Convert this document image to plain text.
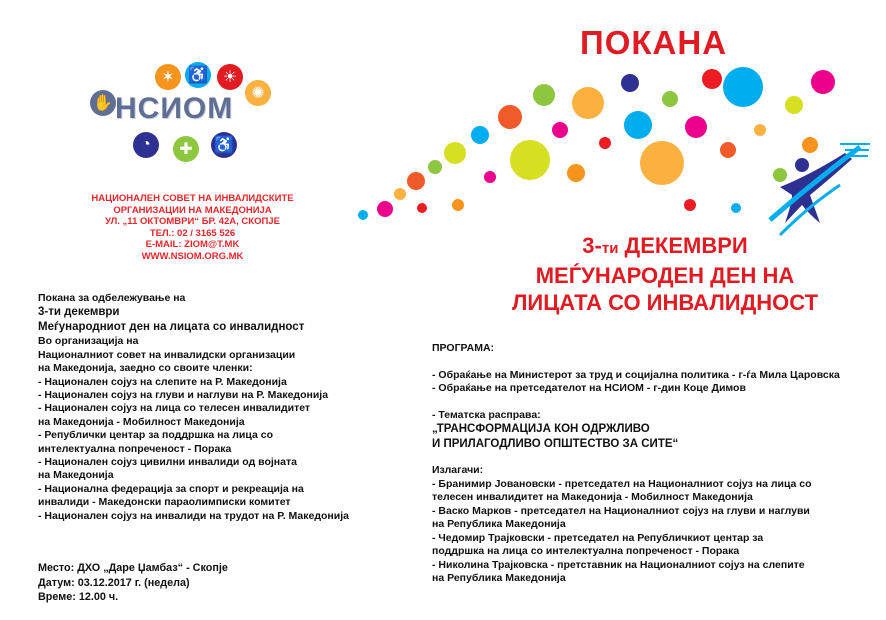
ПОКАНА
✶ ♿ ☀
✺
✋ НСИОМ
◔	✚	♿
НАЦИОНАЛЕН СОВЕТ НА ИНВАЛИДСКИТЕ
ОРГАНИЗАЦИИ НА МАКЕДОНИЈА
УЛ. „11 ОКТОМВРИ“ БР. 42А, СКОПЈЕ
ТЕЛ.: 02 / 3165 526
E-MAIL: ZIOM@T.MK
WWW.NSIOM.ORG.MK	3-ти ДЕКЕМВРИ
МЕЃУНАРОДЕН ДЕН НА
ЛИЦАТА СО ИНВАЛИДНОСТ
Покана за одбележување на
3-ти декември
Меѓународниот ден на лицата со инвалидност
Во организација на
Националниот совет на инвалидски организации
на Македонија, заедно со своите членки:
- Национален сојуз на слепите на Р. Македонија
- Национален сојуз на глуви и наглуви на Р. Македонија
- Национален сојуз на лица со телесен инвалидитет
на Македонија - Мобилност Македонија
- Републички центар за поддршка на лица со
интелектуална попреченост - Порака
- Национален сојуз цивилни инвалиди од војната
на Македонија
- Национална федерација за спорт и рекреација на
инвалиди - Македонски параолимписки комитет
- Национален сојуз на инвалиди на трудот на Р. Македонија
Место: ДХО „Даре Џамбаз“ - Скопје
Датум: 03.12.2017 г. (недела)
Време: 12.00 ч.
ПРОГРАМА:
- Обраќање на Министерот за труд и социјална политика - г-ѓа Мила Царовска
- Обраќање на претседателот на НСИОМ - г-дин Коце Димов
- Тематска расправа:
„ТРАНСФОРМАЦИЈА КОН ОДРЖЛИВО
И ПРИЛАГОДЛИВО ОПШТЕСТВО ЗА СИТЕ“
Излагачи:
- Бранимир Јовановски - претседател на Националниот сојуз на лица со
телесен инвалидитет на Македонија - Мобилност Македонија
- Васко Марков - претседател на Националниот сојуз на глуви и наглуви
на Република Македонија
- Чедомир Трајковски - претседател на Републичкиот центар за
поддршка на лица со интелектуална попреченост - Порака
- Николина Трајковска - претставник на Националниот сојуз на слепите
на Република Македонија
